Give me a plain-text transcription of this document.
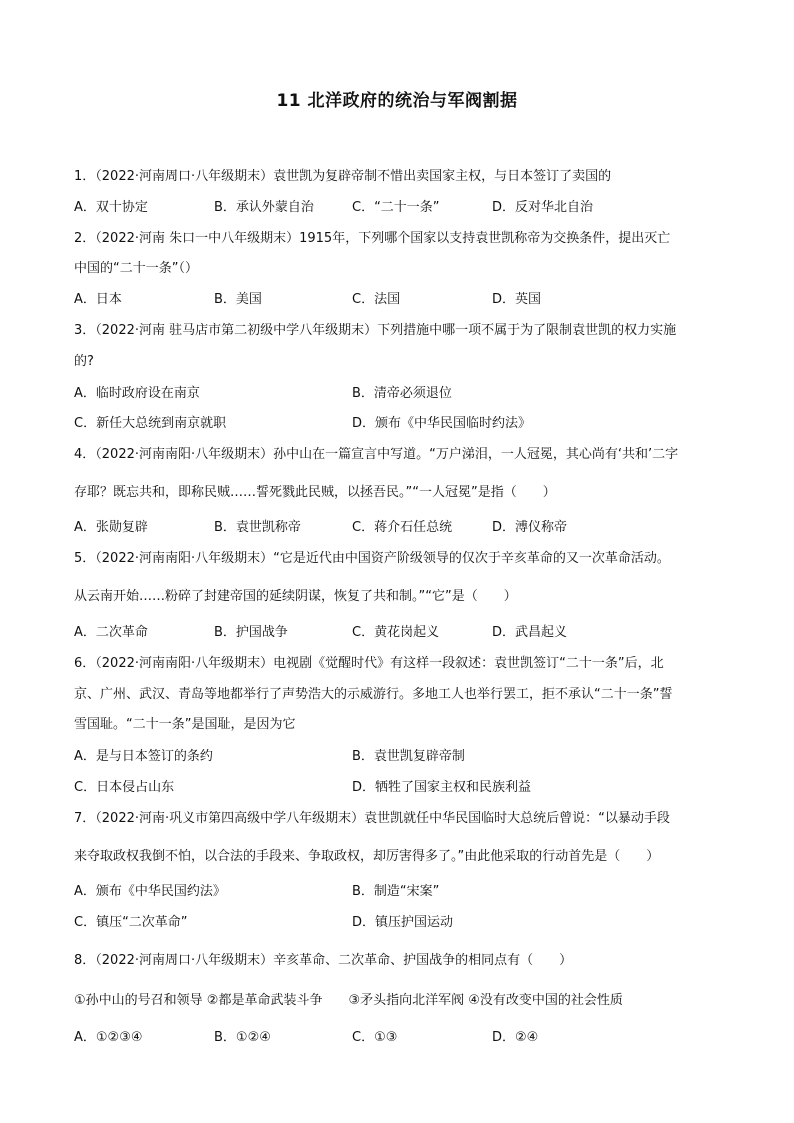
11 北洋政府的统治与军阀割据
1．（2022·河南周口·八年级期末）袁世凯为复辟帝制不惜出卖国家主权，与日本签订了卖国的
A．双十协定	B．承认外蒙自治	C．“二十一条”	D．反对华北自治
2．（2022·河南 朱口一中八年级期末）1915年，下列哪个国家以支持袁世凯称帝为交换条件，提出灭亡
中国的“二十一条”（）
A．日本	B．美国	C．法国	D．英国
3．（2022·河南 驻马店市第二初级中学八年级期末）下列措施中哪一项不属于为了限制袁世凯的权力实施
的?
A．临时政府设在南京	B．清帝必须退位
C．新任大总统到南京就职	D．颁布《中华民国临时约法》
4．（2022·河南南阳·八年级期末）孙中山在一篇宣言中写道。“万户涕泪，一人冠冕，其心尚有‘共和’二字
存耶？既忘共和，即称民贼……誓死戮此民贼，以拯吾民。”“一人冠冕”是指（　　）
A．张勋复辟	B．袁世凯称帝	C．蒋介石任总统	D．溥仪称帝
5．（2022·河南南阳·八年级期末）“它是近代由中国资产阶级领导的仅次于辛亥革命的又一次革命活动。
从云南开始……粉碎了封建帝国的延续阴谋，恢复了共和制。”“它”是（　　）
A．二次革命	B．护国战争	C．黄花岗起义	D．武昌起义
6．（2022·河南南阳·八年级期末）电视剧《觉醒时代》有这样一段叙述：袁世凯签订“二十一条”后，北
京、广州、武汉、青岛等地都举行了声势浩大的示威游行。多地工人也举行罢工，拒不承认“二十一条”誓
雪国耻。“二十一条”是国耻，是因为它
A．是与日本签订的条约	B．袁世凯复辟帝制
C．日本侵占山东	D．牺牲了国家主权和民族利益
7．（2022·河南·巩义市第四高级中学八年级期末）袁世凯就任中华民国临时大总统后曾说：“以暴动手段
来夺取政权我倒不怕，以合法的手段来、争取政权，却厉害得多了。”由此他采取的行动首先是（　　）
A．颁布《中华民国约法》	B．制造“宋案”
C．镇压“二次革命”	D．镇压护国运动
8．（2022·河南周口·八年级期末）辛亥革命、二次革命、护国战争的相同点有（　　）
①孙中山的号召和领导 ②都是革命武装斗争　　③矛头指向北洋军阀 ④没有改变中国的社会性质
A．①②③④	B．①②④	C．①③	D．②④
